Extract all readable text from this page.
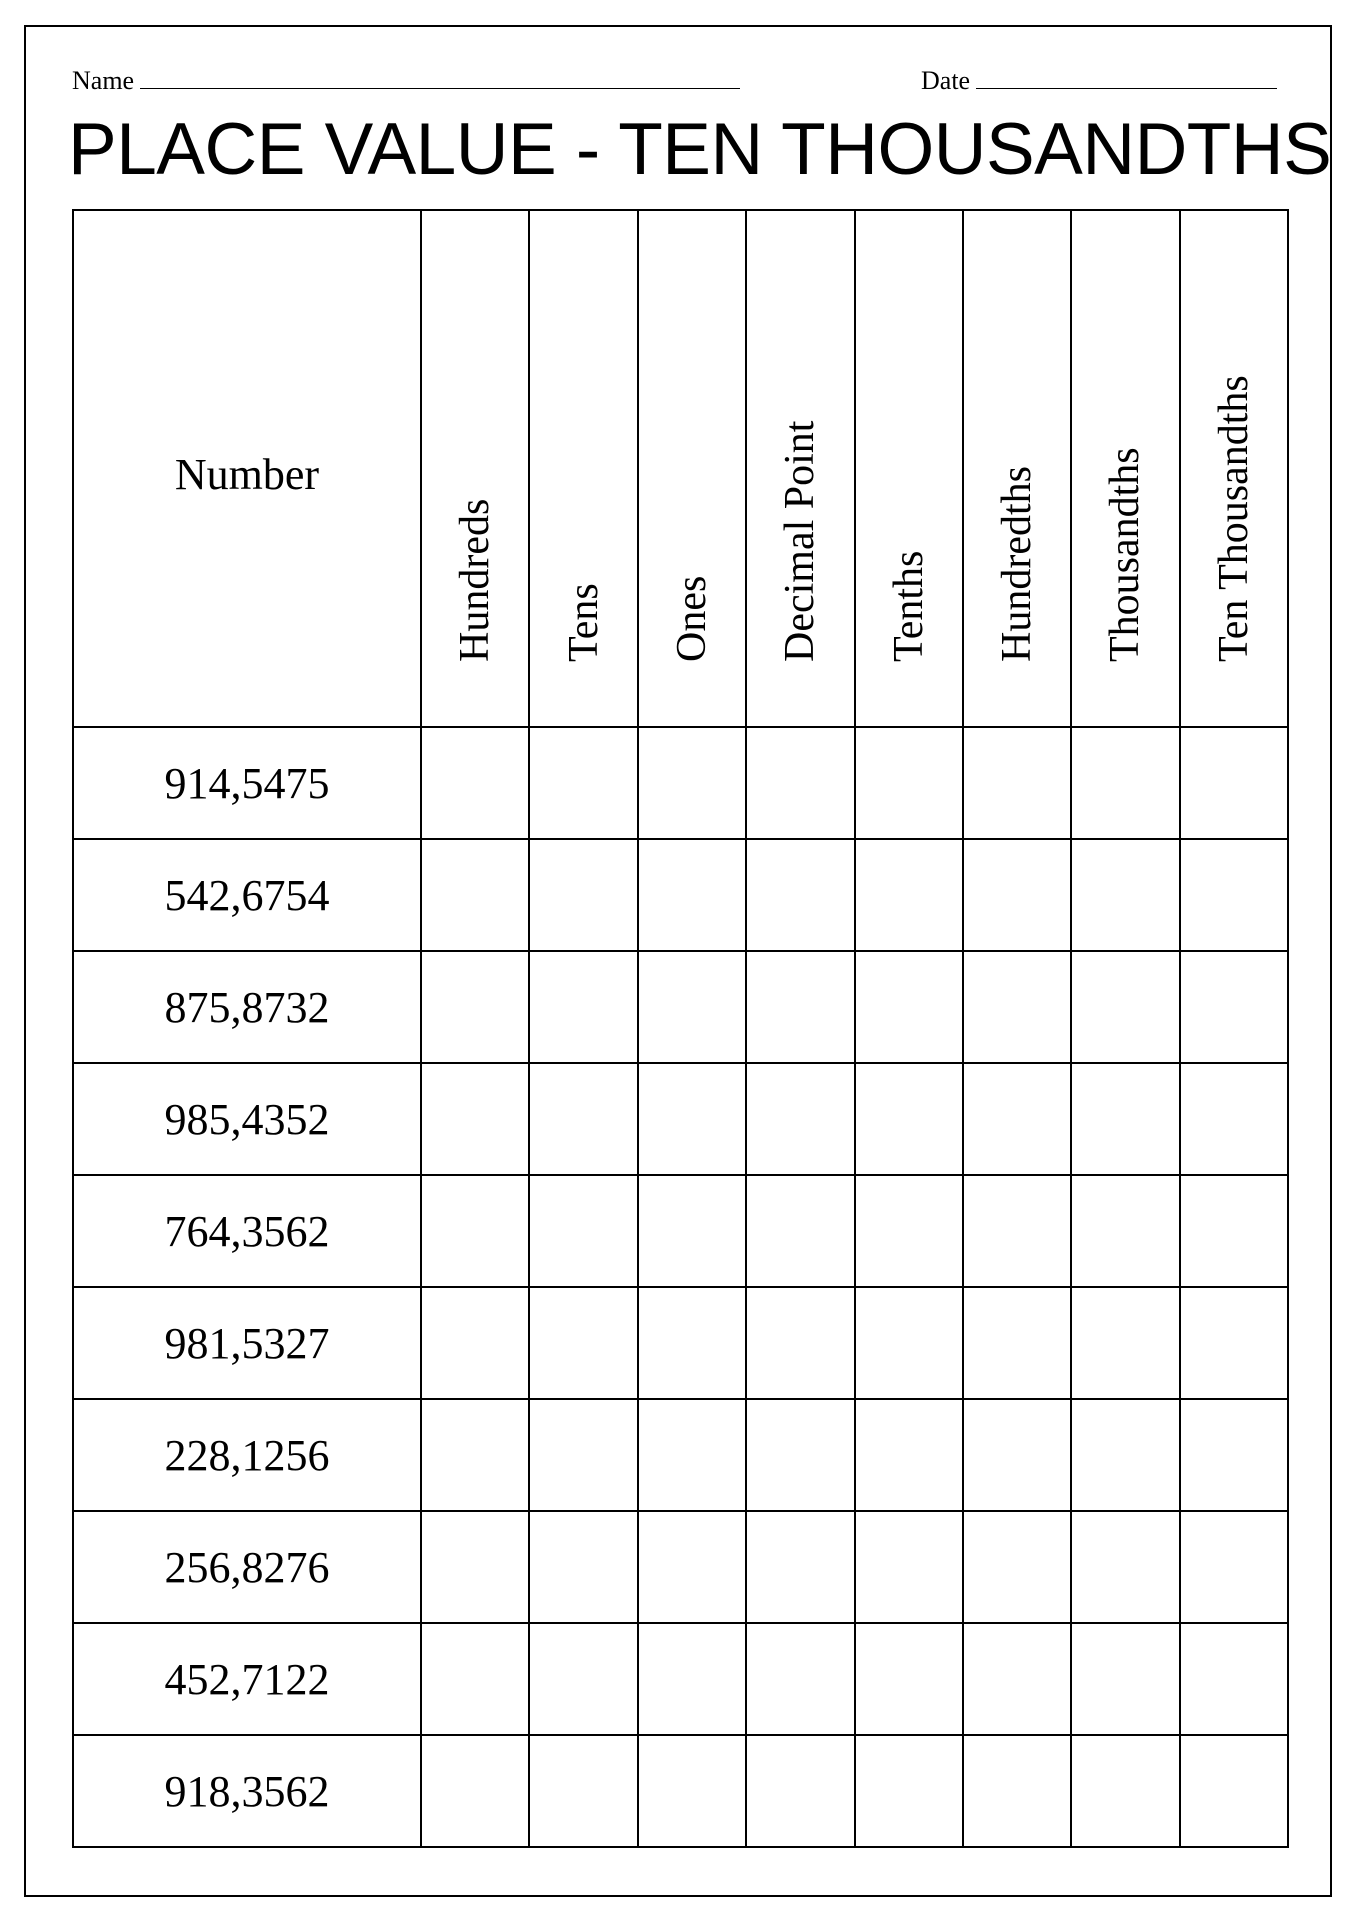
Name	Date
PLACE VALUE - TEN THOUSANDTHS
Number	Hundreds	Tens	Ones	Decimal Point	Tenths	Hundredths	Thousandths	Ten Thousandths

914,5475								
542,6754								
875,8732								
985,4352								
764,3562								
981,5327								
228,1256								
256,8276								
452,7122								
918,3562								
